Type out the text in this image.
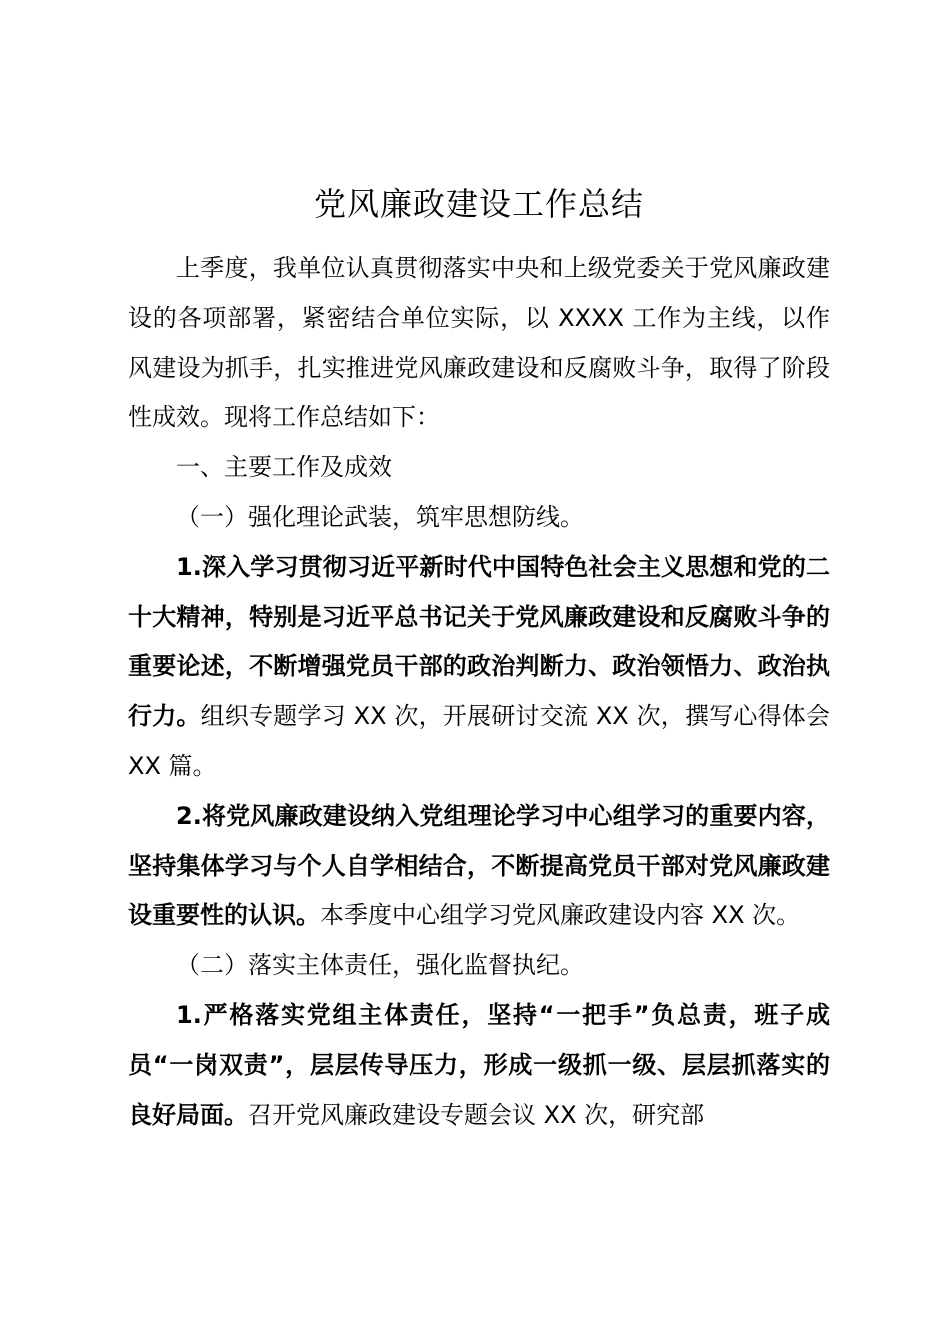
党风廉政建设工作总结

上季度，我单位认真贯彻落实中央和上级党委关于党风廉政建设的各项部署，紧密结合单位实际，以 XXXX 工作为主线，以作风建设为抓手，扎实推进党风廉政建设和反腐败斗争，取得了阶段性成效。现将工作总结如下：

一、主要工作及成效

（一）强化理论武装，筑牢思想防线。

1.深入学习贯彻习近平新时代中国特色社会主义思想和党的二十大精神，特别是习近平总书记关于党风廉政建设和反腐败斗争的重要论述，不断增强党员干部的政治判断力、政治领悟力、政治执行力。组织专题学习 XX 次，开展研讨交流 XX 次，撰写心得体会 XX 篇。

2.将党风廉政建设纳入党组理论学习中心组学习的重要内容，坚持集体学习与个人自学相结合，不断提高党员干部对党风廉政建设重要性的认识。本季度中心组学习党风廉政建设内容 XX 次。

（二）落实主体责任，强化监督执纪。

1.严格落实党组主体责任，坚持“一把手”负总责，班子成员“一岗双责”，层层传导压力，形成一级抓一级、层层抓落实的良好局面。召开党风廉政建设专题会议 XX 次，研究部
